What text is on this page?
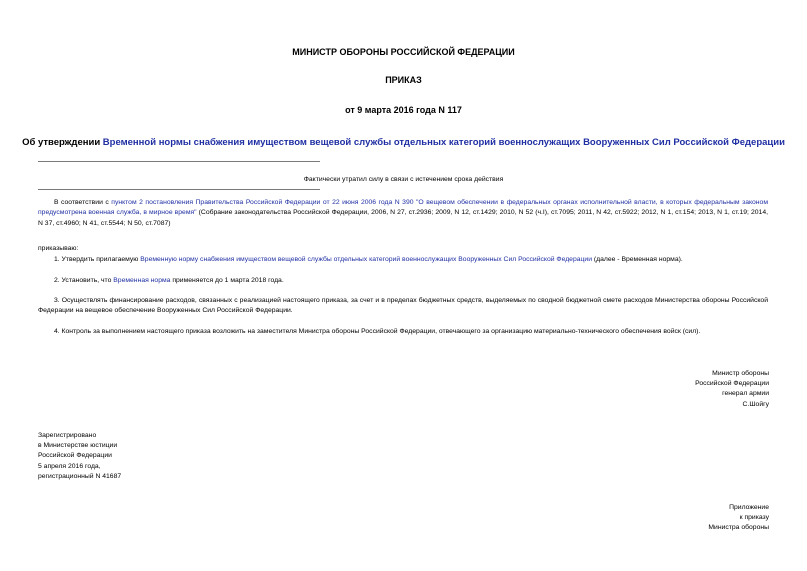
МИНИСТР ОБОРОНЫ РОССИЙСКОЙ ФЕДЕРАЦИИ
ПРИКАЗ
от 9 марта 2016 года N 117
Об утверждении Временной нормы снабжения имуществом вещевой службы отдельных категорий военнослужащих Вооруженных Сил Российской Федерации
Фактически утратил силу в связи с истечением срока действия
В соответствии с пунктом 2 постановления Правительства Российской Федерации от 22 июня 2006 года N 390 "О вещевом обеспечении в федеральных органах исполнительной власти, в которых федеральным законом предусмотрена военная служба, в мирное время" (Собрание законодательства Российской Федерации, 2006, N 27, ст.2936; 2009, N 12, ст.1429; 2010, N 52 (ч.I), ст.7095; 2011, N 42, ст.5922; 2012, N 1, ст.154; 2013, N 1, ст.19; 2014, N 37, ст.4960; N 41, ст.5544; N 50, ст.7087)
приказываю:
1. Утвердить прилагаемую Временную норму снабжения имуществом вещевой службы отдельных категорий военнослужащих Вооруженных Сил Российской Федерации (далее - Временная норма).
2. Установить, что Временная норма применяется до 1 марта 2018 года.
3. Осуществлять финансирование расходов, связанных с реализацией настоящего приказа, за счет и в пределах бюджетных средств, выделяемых по сводной бюджетной смете расходов Министерства обороны Российской Федерации на вещевое обеспечение Вооруженных Сил Российской Федерации.
4. Контроль за выполнением настоящего приказа возложить на заместителя Министра обороны Российской Федерации, отвечающего за организацию материально-технического обеспечения войск (сил).
Министр обороны
Российской Федерации
генерал армии
С.Шойгу
Зарегистрировано
в Министерстве юстиции
Российской Федерации
5 апреля 2016 года,
регистрационный N 41687
Приложение
к приказу
Министра обороны
